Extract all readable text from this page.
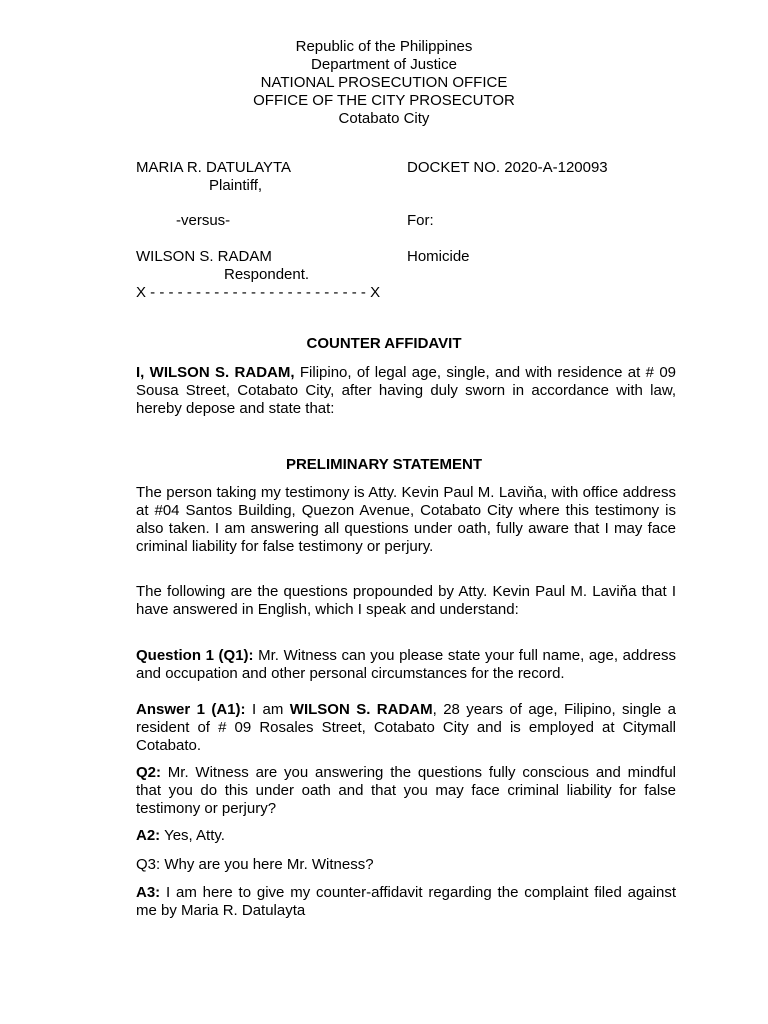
Republic of the Philippines
Department of Justice
NATIONAL PROSECUTION OFFICE
OFFICE OF THE CITY PROSECUTOR
Cotabato City
MARIA R. DATULAYTA
Plaintiff,
-versus-
WILSON S. RADAM
Respondent.
X - - - - - - - - - - - - - - - - - - - - - - - - X
DOCKET NO. 2020-A-120093
For:
Homicide
COUNTER AFFIDAVIT
I, WILSON S. RADAM, Filipino, of legal age, single, and with residence at # 09 Sousa Street, Cotabato City, after having duly sworn in accordance with law, hereby depose and state that:
PRELIMINARY STATEMENT
The person taking my testimony is Atty. Kevin Paul M. Laviňa, with office address at #04 Santos Building, Quezon Avenue, Cotabato City where this testimony is also taken. I am answering all questions under oath, fully aware that I may face criminal liability for false testimony or perjury.
The following are the questions propounded by Atty. Kevin Paul M. Laviňa that I have answered in English, which I speak and understand:
Question 1 (Q1): Mr. Witness can you please state your full name, age, address and occupation and other personal circumstances for the record.
Answer 1 (A1): I am WILSON S. RADAM, 28 years of age, Filipino, single a resident of # 09 Rosales Street, Cotabato City and is employed at Citymall Cotabato.
Q2: Mr. Witness are you answering the questions fully conscious and mindful that you do this under oath and that you may face criminal liability for false testimony or perjury?
A2: Yes, Atty.
Q3: Why are you here Mr. Witness?
A3: I am here to give my counter-affidavit regarding the complaint filed against me by Maria R. Datulayta
